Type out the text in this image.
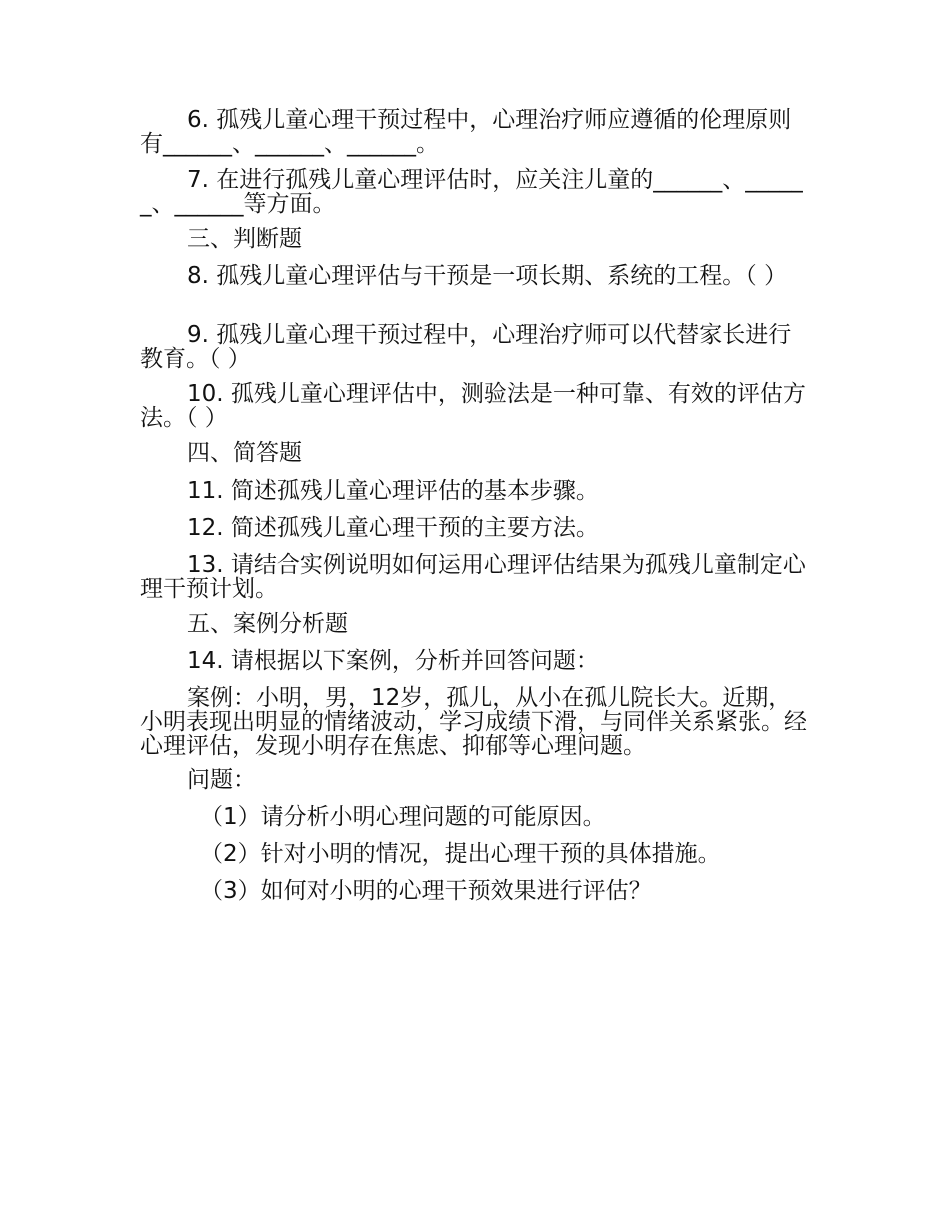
6. 孤残儿童心理干预过程中，心理治疗师应遵循的伦理原则有______、______、______。

7. 在进行孤残儿童心理评估时，应关注儿童的______、______、______等方面。

三、判断题

8. 孤残儿童心理评估与干预是一项长期、系统的工程。（ ）

9. 孤残儿童心理干预过程中，心理治疗师可以代替家长进行教育。（ ）

10. 孤残儿童心理评估中，测验法是一种可靠、有效的评估方法。（ ）

四、简答题

11. 简述孤残儿童心理评估的基本步骤。

12. 简述孤残儿童心理干预的主要方法。

13. 请结合实例说明如何运用心理评估结果为孤残儿童制定心理干预计划。

五、案例分析题

14. 请根据以下案例，分析并回答问题：

案例：小明，男，12岁，孤儿，从小在孤儿院长大。近期，小明表现出明显的情绪波动，学习成绩下滑，与同伴关系紧张。经心理评估，发现小明存在焦虑、抑郁等心理问题。

问题：

（1）请分析小明心理问题的可能原因。

（2）针对小明的情况，提出心理干预的具体措施。

（3）如何对小明的心理干预效果进行评估？
